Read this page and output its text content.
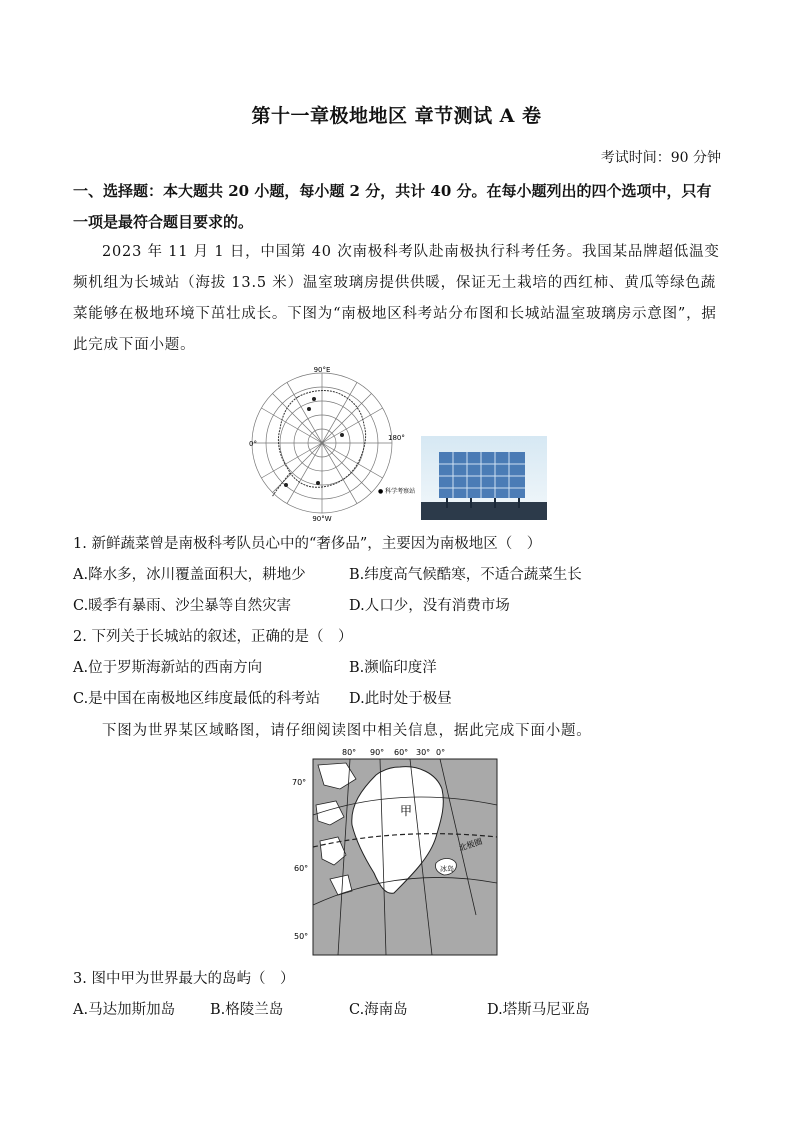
第十一章极地地区 章节测试 A 卷
考试时间：90 分钟
一、选择题：本大题共 20 小题，每小题 2 分，共计 40 分。在每小题列出的四个选项中，只有一项是最符合题目要求的。
2023 年 11 月 1 日，中国第 40 次南极科考队赴南极执行科考任务。我国某品牌超低温变频机组为长城站（海拔 13.5 米）温室玻璃房提供供暖，保证无土栽培的西红柿、黄瓜等绿色蔬菜能够在极地环境下茁壮成长。下图为“南极地区科考站分布图和长城站温室玻璃房示意图”，据此完成下面小题。
90°E
90°W
0°
180°
● 科学考察站
1. 新鲜蔬菜曾是南极科考队员心中的“奢侈品”，主要因为南极地区（　）
A.降水多，冰川覆盖面积大，耕地少	B.纬度高气候酷寒，不适合蔬菜生长
C.暖季有暴雨、沙尘暴等自然灾害	D.人口少，没有消费市场
2. 下列关于长城站的叙述，正确的是（　）
A.位于罗斯海新站的西南方向	B.濒临印度洋
C.是中国在南极地区纬度最低的科考站 D.此时处于极昼
下图为世界某区域略图，请仔细阅读图中相关信息，据此完成下面小题。
80° 90° 60° 30° 0°
70°
60°
50°
甲
北极圈
冰岛
3. 图中甲为世界最大的岛屿（　）
A.马达加斯加岛 B.格陵兰岛	C.海南岛	D.塔斯马尼亚岛
